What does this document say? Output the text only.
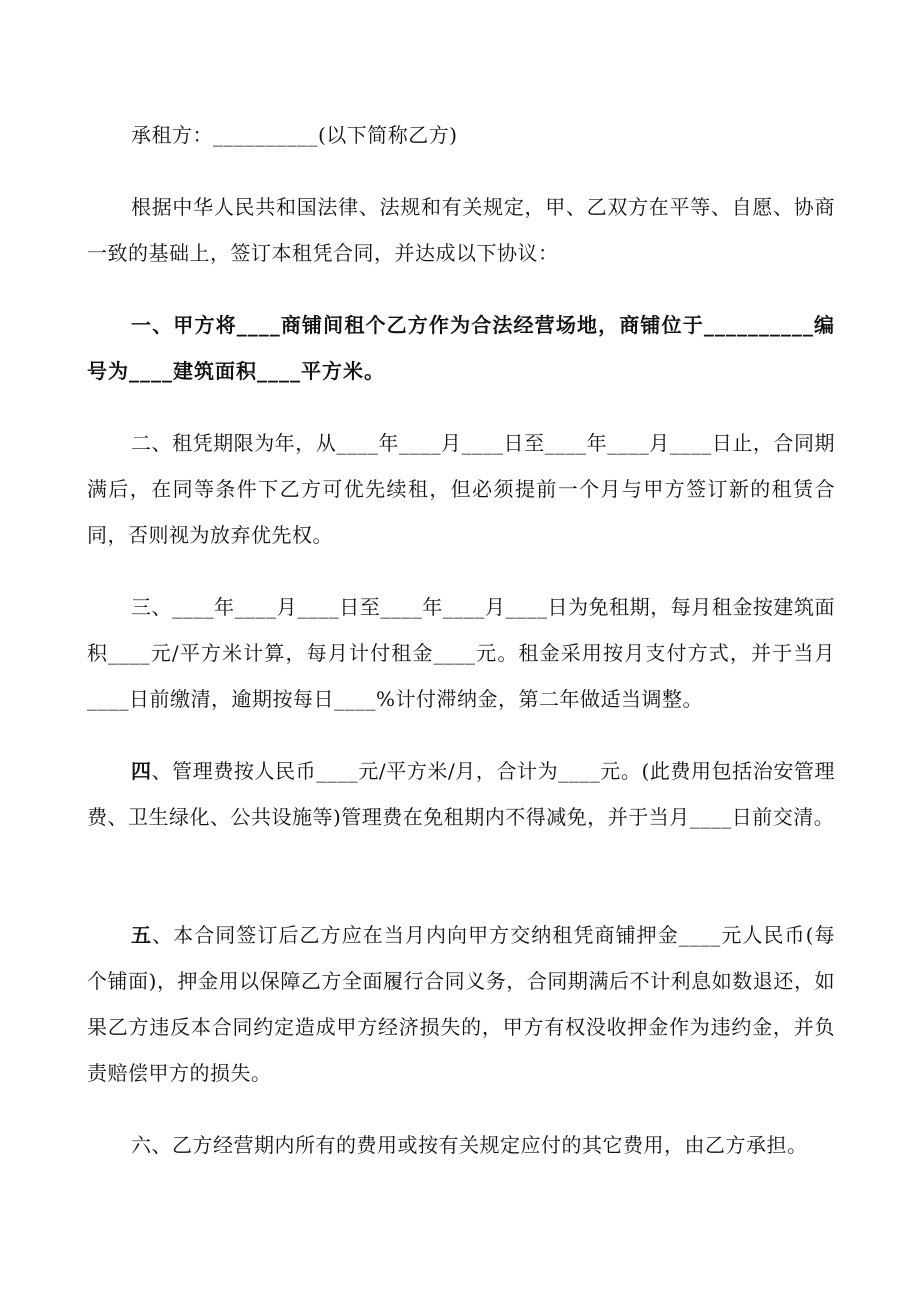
承租方：__________(以下简称乙方)

根据中华人民共和国法律、法规和有关规定，甲、乙双方在平等、自愿、协商一致的基础上，签订本租凭合同，并达成以下协议：

一、甲方将____商铺间租个乙方作为合法经营场地，商铺位于__________编号为____建筑面积____平方米。

二、租凭期限为年，从____年____月____日至____年____月____日止，合同期满后，在同等条件下乙方可优先续租，但必须提前一个月与甲方签订新的租赁合同，否则视为放弃优先权。

三、____年____月____日至____年____月____日为免租期，每月租金按建筑面积____元/平方米计算，每月计付租金____元。租金采用按月支付方式，并于当月____日前缴清，逾期按每日____%计付滞纳金，第二年做适当调整。

四、管理费按人民币____元/平方米/月，合计为____元。(此费用包括治安管理费、卫生绿化、公共设施等)管理费在免租期内不得减免，并于当月____日前交清。

五、本合同签订后乙方应在当月内向甲方交纳租凭商铺押金____元人民币(每个铺面)，押金用以保障乙方全面履行合同义务，合同期满后不计利息如数退还，如果乙方违反本合同约定造成甲方经济损失的，甲方有权没收押金作为违约金，并负责赔偿甲方的损失。

六、乙方经营期内所有的费用或按有关规定应付的其它费用，由乙方承担。
